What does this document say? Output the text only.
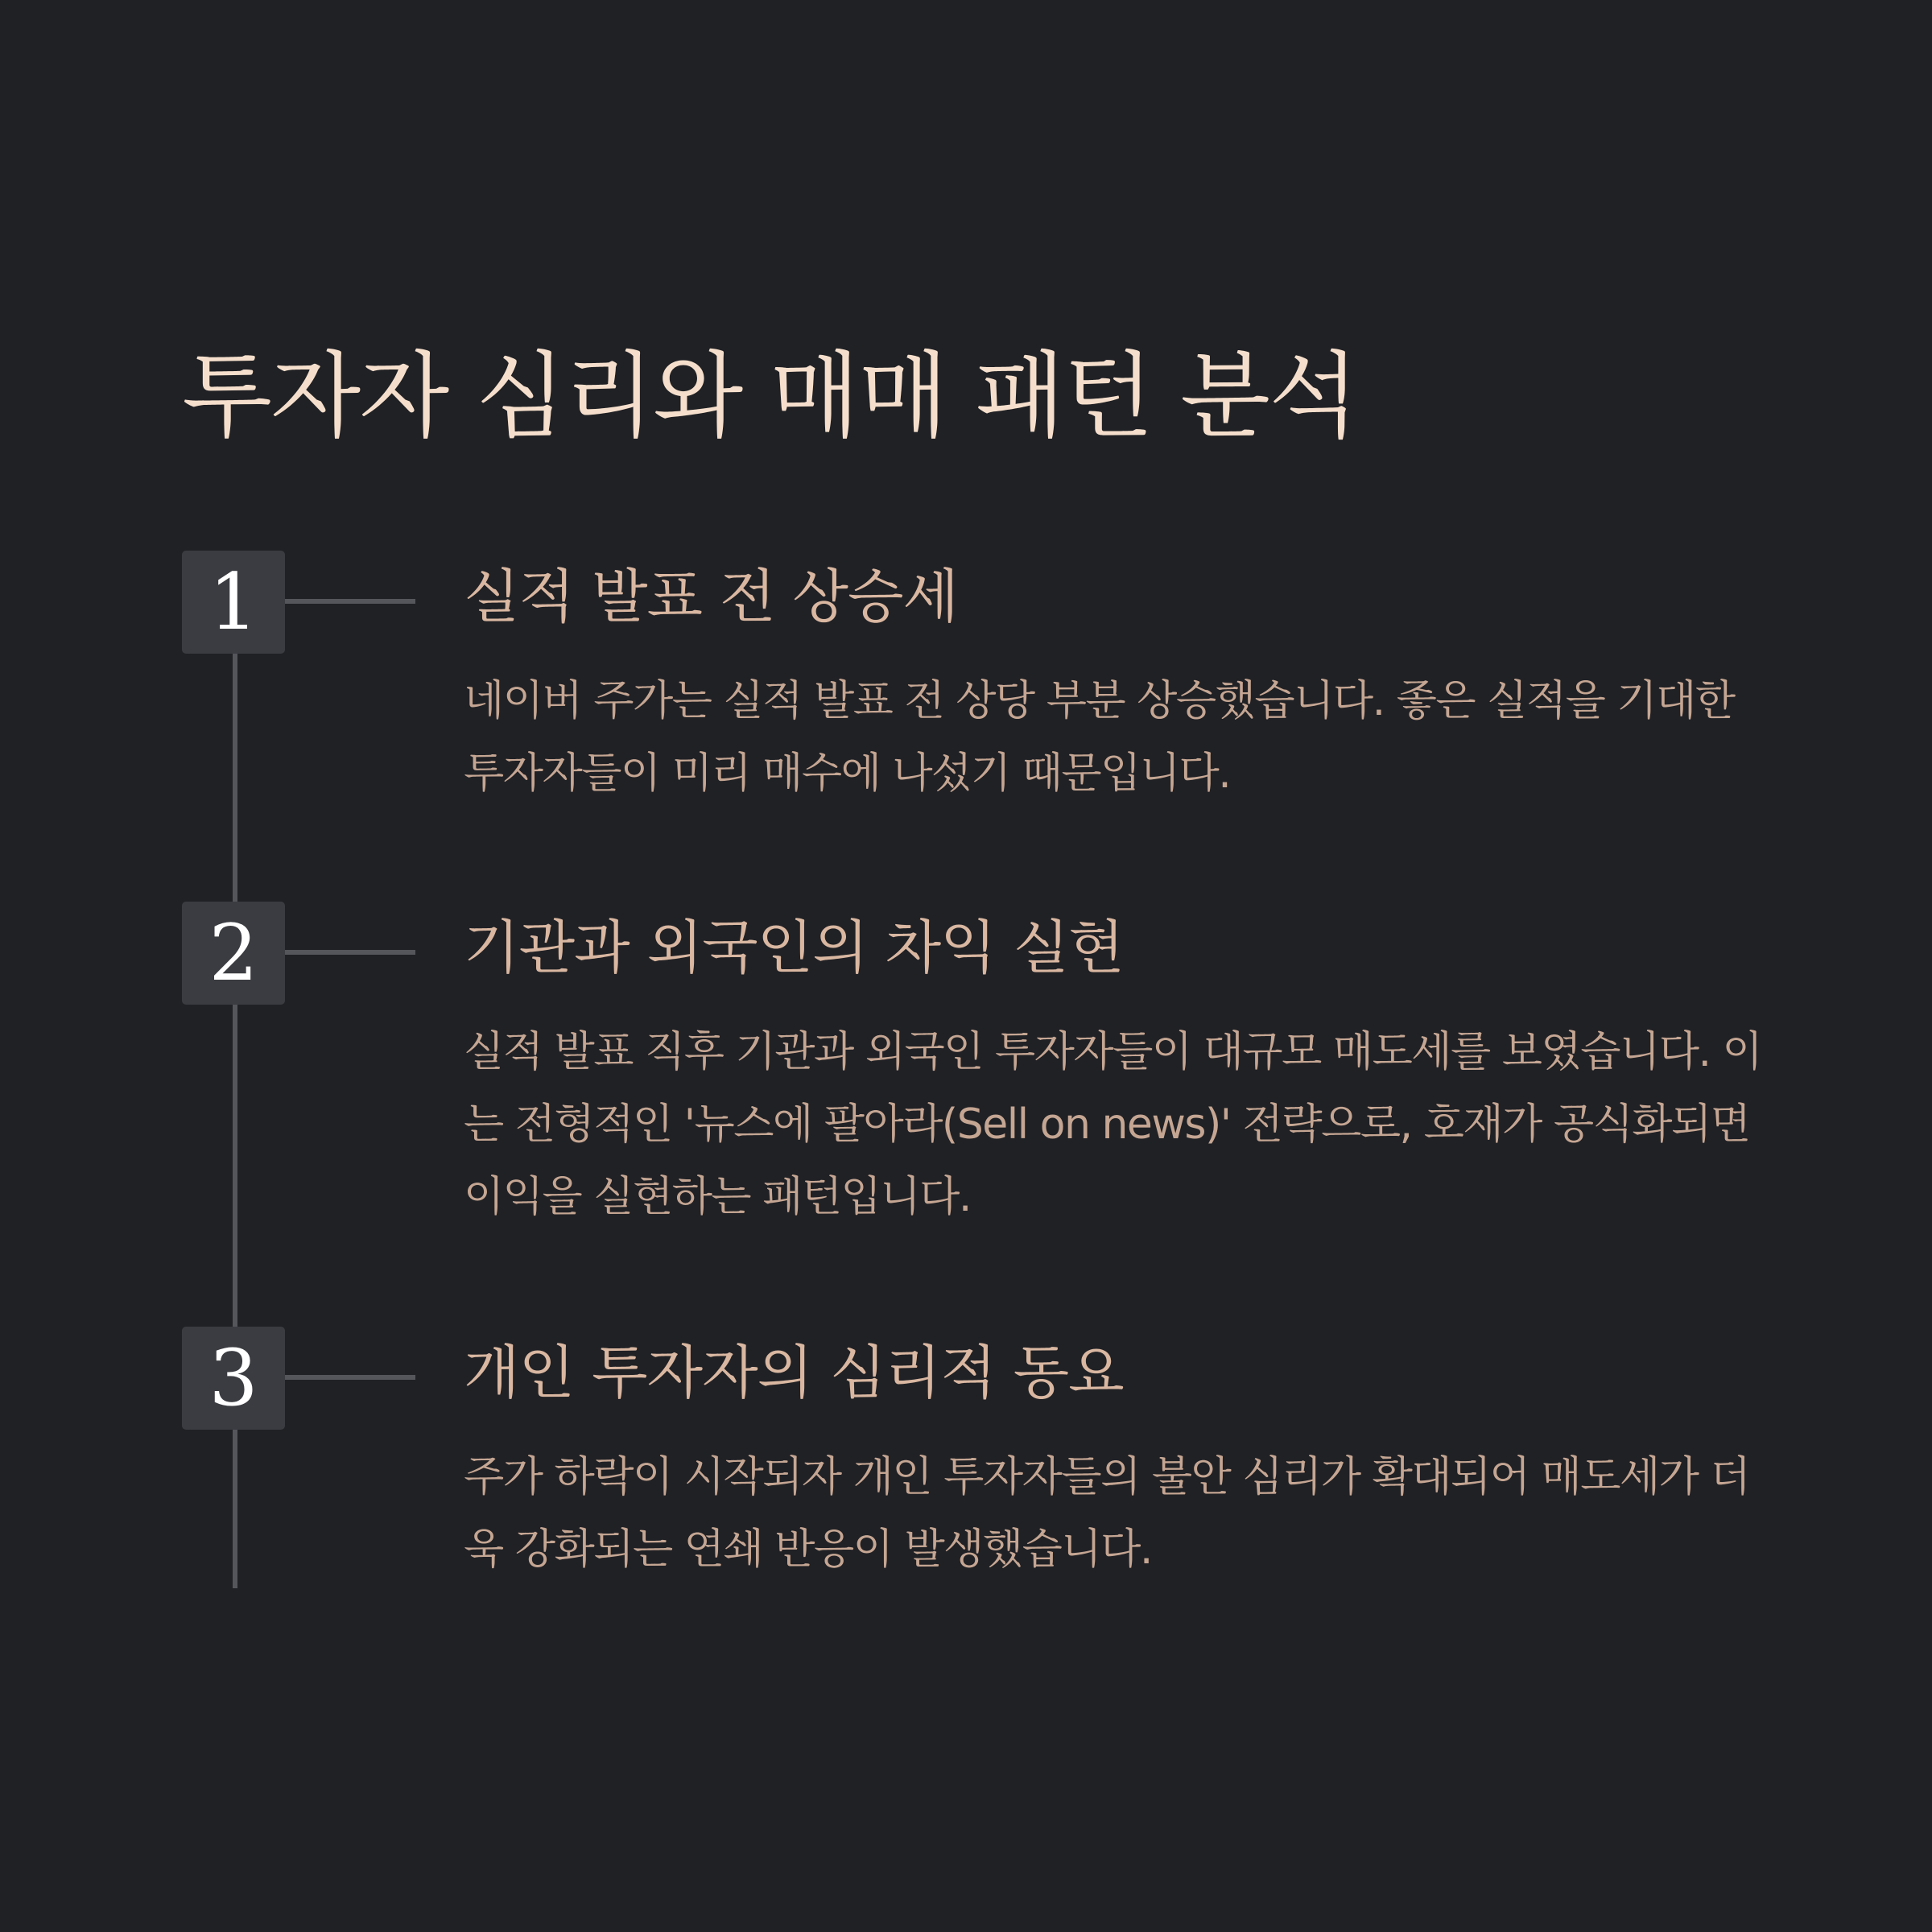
투자자 심리와 매매 패턴 분석
1	실적 발표 전 상승세

네이버 주가는 실적 발표 전 상당 부분 상승했습니다. 좋은 실적을 기대한 투자자들이 미리 매수에 나섰기 때문입니다.

2	기관과 외국인의 차익 실현

실적 발표 직후 기관과 외국인 투자자들이 대규모 매도세를 보였습니다. 이는 전형적인 '뉴스에 팔아라(Sell on news)' 전략으로, 호재가 공식화되면 이익을 실현하는 패턴입니다.

3	개인 투자자의 심리적 동요

주가 하락이 시작되자 개인 투자자들의 불안 심리가 확대되어 매도세가 더욱 강화되는 연쇄 반응이 발생했습니다.
